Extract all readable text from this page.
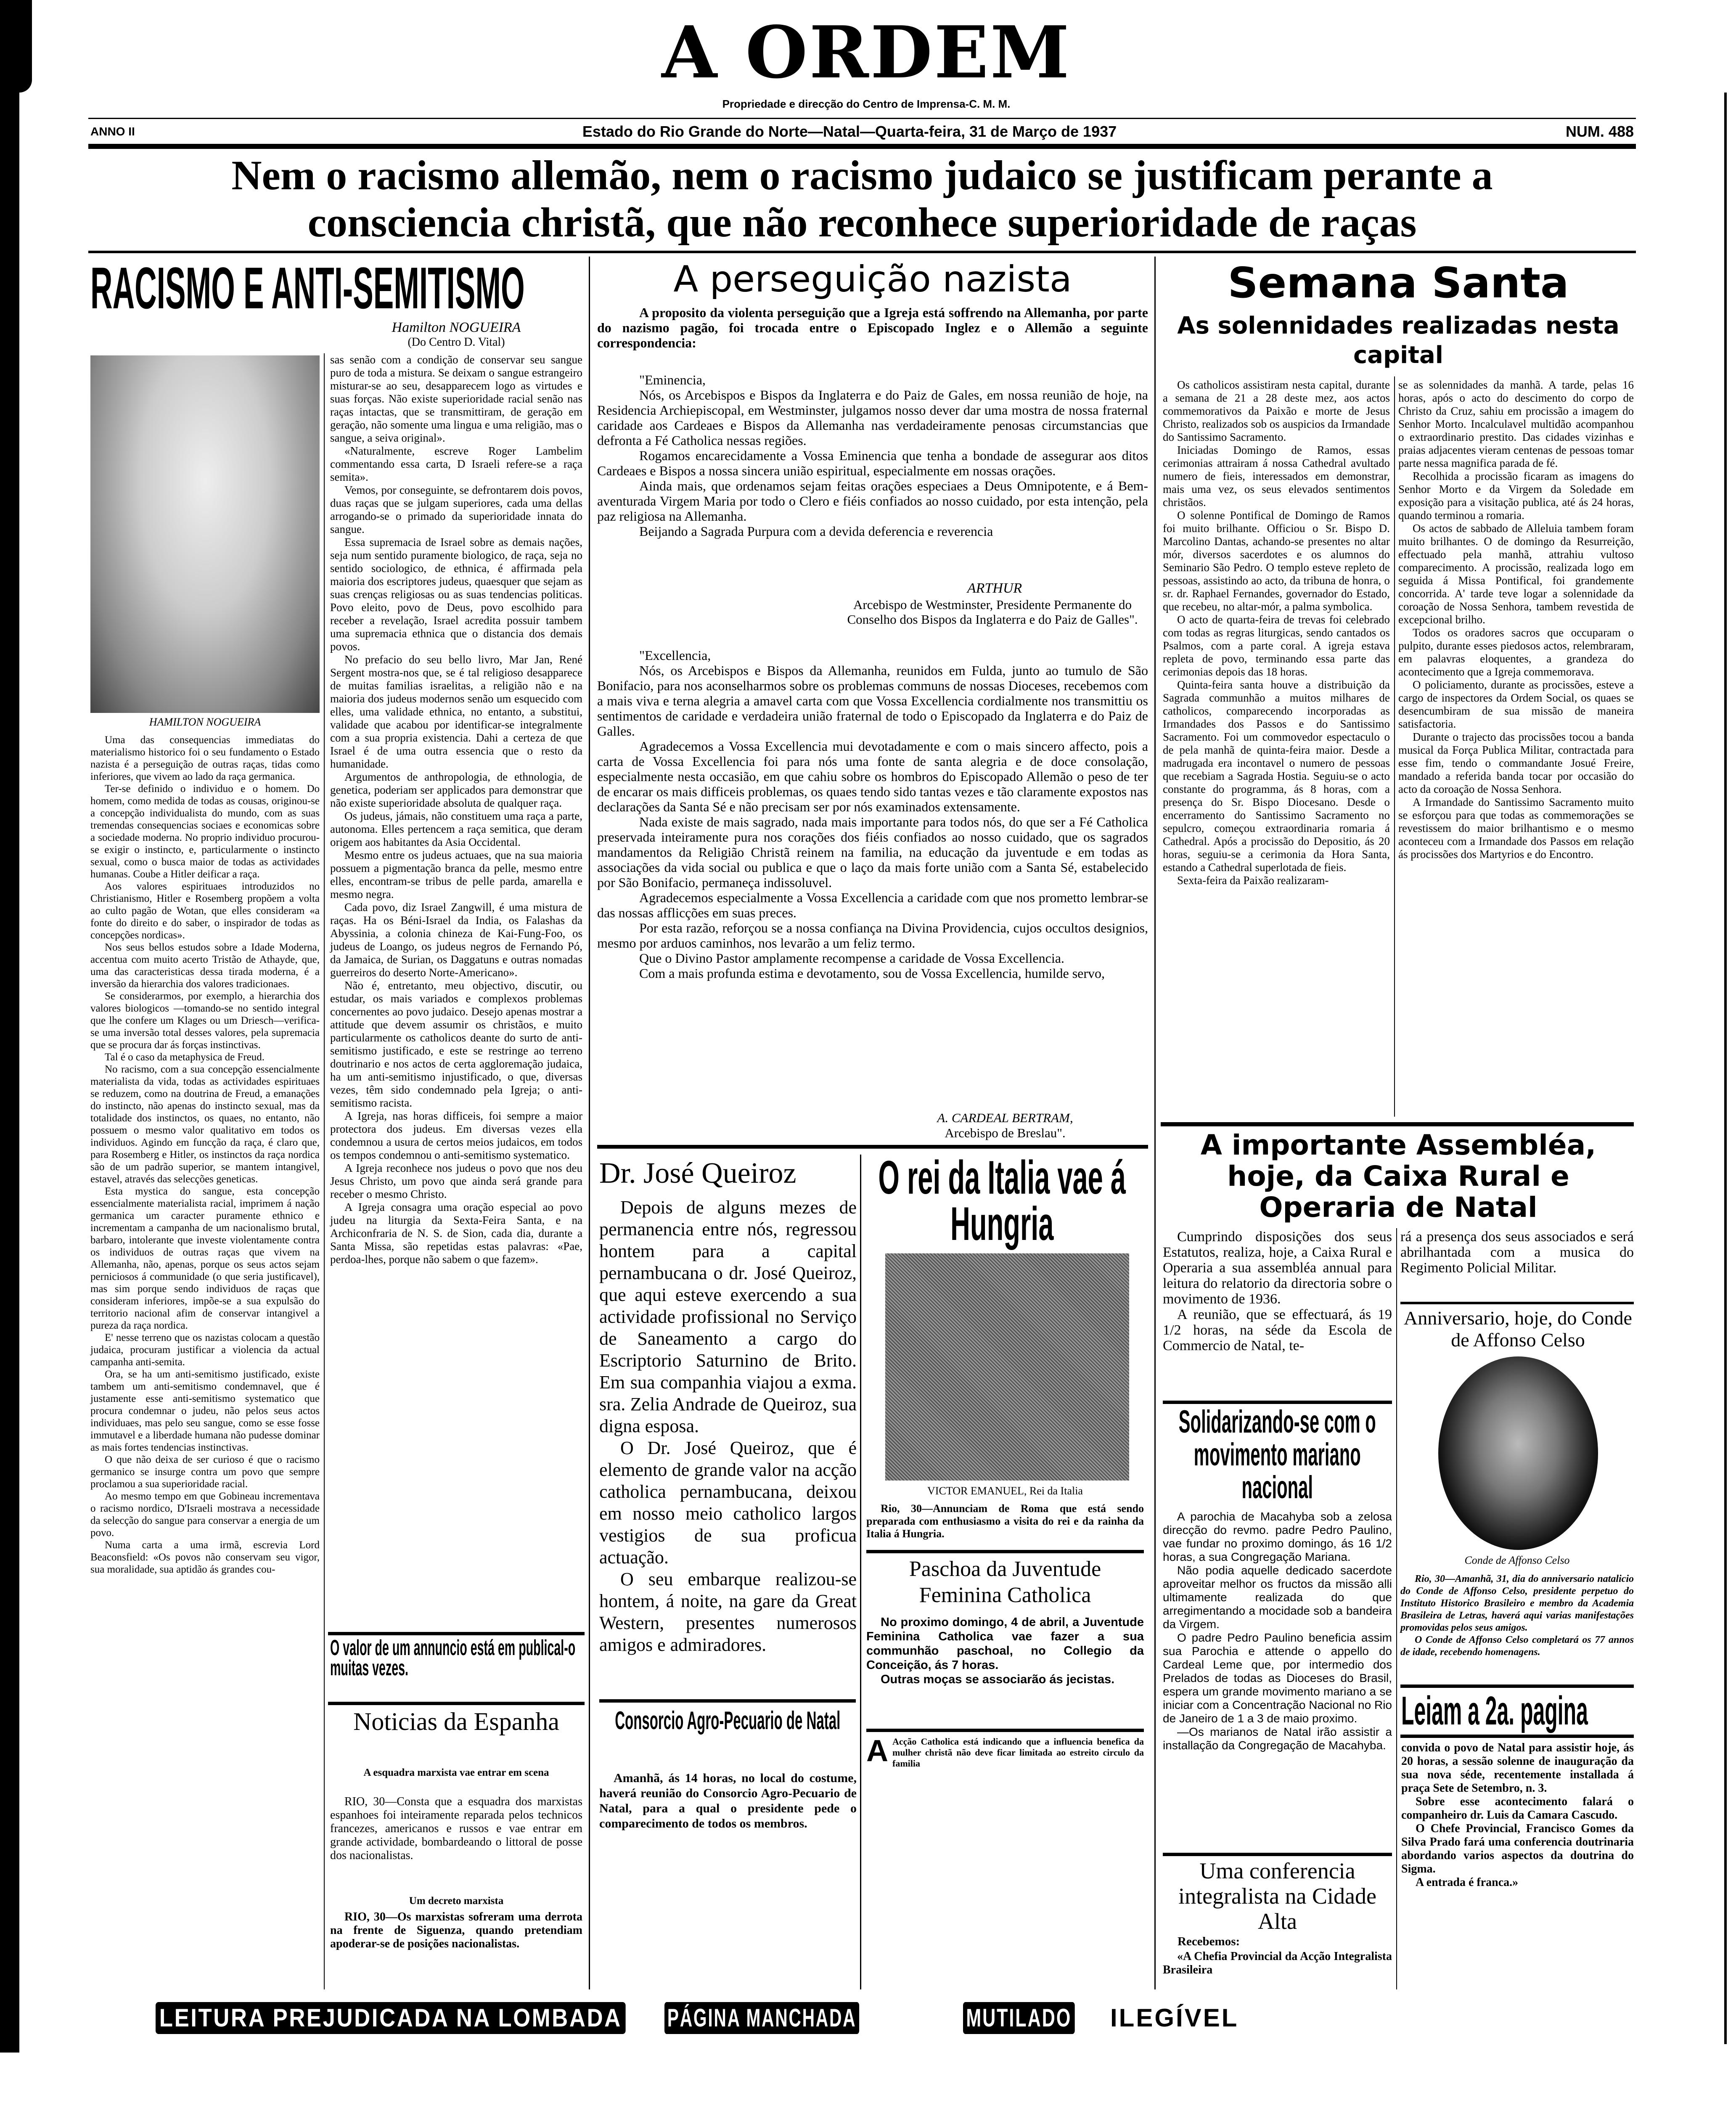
A ORDEM
Propriedade e direcção do Centro de Imprensa-C. M. M.
ANNO II	Estado do Rio Grande do Norte—Natal—Quarta-feira, 31 de Março de 1937	NUM. 488
Nem o racismo allemão, nem o racismo judaico se justificam perante a
consciencia christã, que não reconhece superioridade de raças
RACISMO E ANTI-SEMITISMO
Hamilton NOGUEIRA
(Do Centro D. Vital)
HAMILTON NOGUEIRA

Uma das consequencias immediatas do materialismo historico foi o seu fundamento o Estado nazista é a perseguição de outras raças, tidas como inferiores, que vivem ao lado da raça germanica.

Ter-se definido o individuo e o homem. Do homem, como medida de todas as cousas, originou-se a concepção individualista do mundo, com as suas tremendas consequencias sociaes e economicas sobre a sociedade moderna. No proprio individuo procurou-se exigir o instincto, e, particularmente o instincto sexual, como o busca maior de todas as actividades humanas. Coube a Hitler deificar a raça.

Aos valores espirituaes introduzidos no Christianismo, Hitler e Rosemberg propõem a volta ao culto pagão de Wotan, que elles consideram «a fonte do direito e do saber, o inspirador de todas as concepções nordicas».

Nos seus bellos estudos sobre a Idade Moderna, accentua com muito acerto Tristão de Athayde, que, uma das caracteristicas dessa tirada moderna, é a inversão da hierarchia dos valores tradicionaes.

Se considerarmos, por exemplo, a hierarchia dos valores biologicos —tomando-se no sentido integral que lhe confere um Klages ou um Driesch—verifica-se uma inversão total desses valores, pela supremacia que se procura dar ás forças instinctivas.

Tal é o caso da metaphysica de Freud.

No racismo, com a sua concepção essencialmente materialista da vida, todas as actividades espirituaes se reduzem, como na doutrina de Freud, a emanações do instincto, não apenas do instincto sexual, mas da totalidade dos instinctos, os quaes, no entanto, não possuem o mesmo valor qualitativo em todos os individuos. Agindo em funcção da raça, é claro que, para Rosemberg e Hitler, os instinctos da raça nordica são de um padrão superior, se mantem intangivel, estavel, através das selecções geneticas.

Esta mystica do sangue, esta concepção essencialmente materialista racial, imprimem á nação germanica um caracter puramente ethnico e incrementam a campanha de um nacionalismo brutal, barbaro, intolerante que investe violentamente contra os individuos de outras raças que vivem na Allemanha, não, apenas, porque os seus actos sejam perniciosos á communidade (o que seria justificavel), mas sim porque sendo individuos de raças que consideram inferiores, impõe-se a sua expulsão do territorio nacional afim de conservar intangivel a pureza da raça nordica.

E' nesse terreno que os nazistas colocam a questão judaica, procuram justificar a violencia da actual campanha anti-semita.

Ora, se ha um anti-semitismo justificado, existe tambem um anti-semitismo condemnavel, que é justamente esse anti-semitismo systematico que procura condemnar o judeu, não pelos seus actos individuaes, mas pelo seu sangue, como se esse fosse immutavel e a liberdade humana não pudesse dominar as mais fortes tendencias instinctivas.

O que não deixa de ser curioso é que o racismo germanico se insurge contra um povo que sempre proclamou a sua superioridade racial.

Ao mesmo tempo em que Gobineau incrementava o racismo nordico, D'Israeli mostrava a necessidade da selecção do sangue para conservar a energia de um povo.

Numa carta a uma irmã, escrevia Lord Beaconsfield: «Os povos não conservam seu vigor, sua moralidade, sua aptidão ás grandes cou-

sas senão com a condição de conservar seu sangue puro de toda a mistura. Se deixam o sangue estrangeiro misturar-se ao seu, desapparecem logo as virtudes e suas forças. Não existe superioridade racial senão nas raças intactas, que se transmittiram, de geração em geração, não somente uma lingua e uma religião, mas o sangue, a seiva original».

«Naturalmente, escreve Roger Lambelim commentando essa carta, D Israeli refere-se a raça semita».

Vemos, por conseguinte, se defrontarem dois povos, duas raças que se julgam superiores, cada uma dellas arrogando-se o primado da superioridade innata do sangue.

Essa supremacia de Israel sobre as demais nações, seja num sentido puramente biologico, de raça, seja no sentido sociologico, de ethnica, é affirmada pela maioria dos escriptores judeus, quaesquer que sejam as suas crenças religiosas ou as suas tendencias politicas. Povo eleito, povo de Deus, povo escolhido para receber a revelação, Israel acredita possuir tambem uma supremacia ethnica que o distancia dos demais povos.

No prefacio do seu bello livro, Mar Jan, René Sergent mostra-nos que, se é tal religioso desapparece de muitas familias israelitas, a religião não e na maioria dos judeus modernos senão um esquecido com elles, uma validade ethnica, no entanto, a substitui, validade que acabou por identificar-se integralmente com a sua propria existencia. Dahi a certeza de que Israel é de uma outra essencia que o resto da humanidade.

Argumentos de anthropologia, de ethnologia, de genetica, poderiam ser applicados para demonstrar que não existe superioridade absoluta de qualquer raça.

Os judeus, jámais, não constituem uma raça a parte, autonoma. Elles pertencem a raça semitica, que deram origem aos habitantes da Asia Occidental.

Mesmo entre os judeus actuaes, que na sua maioria possuem a pigmentação branca da pelle, mesmo entre elles, encontram-se tribus de pelle parda, amarella e mesmo negra.

Cada povo, diz Israel Zangwill, é uma mistura de raças. Ha os Béni-Israel da India, os Falashas da Abyssinia, a colonia chineza de Kai-Fung-Foo, os judeus de Loango, os judeus negros de Fernando Pó, da Jamaica, de Surian, os Daggatuns e outras nomadas guerreiros do deserto Norte-Americano».

Não é, entretanto, meu objectivo, discutir, ou estudar, os mais variados e complexos problemas concernentes ao povo judaico. Desejo apenas mostrar a attitude que devem assumir os christãos, e muito particularmente os catholicos deante do surto de anti-semitismo justificado, e este se restringe ao terreno doutrinario e nos actos de certa aggloremação judaica, ha um anti-semitismo injustificado, o que, diversas vezes, têm sido condemnado pela Igreja; o anti-semitismo racista.

A Igreja, nas horas difficeis, foi sempre a maior protectora dos judeus. Em diversas vezes ella condemnou a usura de certos meios judaicos, em todos os tempos condemnou o anti-semitismo systematico.

A Igreja reconhece nos judeus o povo que nos deu Jesus Christo, um povo que ainda será grande para receber o mesmo Christo.

A Igreja consagra uma oração especial ao povo judeu na liturgia da Sexta-Feira Santa, e na Archiconfraria de N. S. de Sion, cada dia, durante a Santa Missa, são repetidas estas palavras: «Pae, perdoa-lhes, porque não sabem o que fazem».

O valor de um annuncio está em publical-o muitas vezes.
Noticias da Espanha
A esquadra marxista vae entrar em scena

RIO, 30—Consta que a esquadra dos marxistas espanhoes foi inteiramente reparada pelos technicos francezes, americanos e russos e vae entrar em grande actividade, bombardeando o littoral de posse dos nacionalistas.

Um decreto marxista

RIO, 30—Os marxistas sofreram uma derrota na frente de Siguenza, quando pretendiam apoderar-se de posições nacionalistas.

A perseguição nazista

A proposito da violenta perseguição que a Igreja está soffrendo na Allemanha, por parte do nazismo pagão, foi trocada entre o Episcopado Inglez e o Allemão a seguinte correspondencia:

"Eminencia,

Nós, os Arcebispos e Bispos da Inglaterra e do Paiz de Gales, em nossa reunião de hoje, na Residencia Archiepiscopal, em Westminster, julgamos nosso dever dar uma mostra de nossa fraternal caridade aos Cardeaes e Bispos da Allemanha nas verdadeiramente penosas circumstancias que defronta a Fé Catholica nessas regiões.

Rogamos encarecidamente a Vossa Eminencia que tenha a bondade de assegurar aos ditos Cardeaes e Bispos a nossa sincera união espiritual, especialmente em nossas orações.

Ainda mais, que ordenamos sejam feitas orações especiaes a Deus Omnipotente, e á Bem-aventurada Virgem Maria por todo o Clero e fiéis confiados ao nosso cuidado, por esta intenção, pela paz religiosa na Allemanha.

Beijando a Sagrada Purpura com a devida deferencia e reverencia

ARTHUR
Arcebispo de Westminster, Presidente Permanente do Conselho dos Bispos da Inglaterra e do Paiz de Galles".

"Excellencia,

Nós, os Arcebispos e Bispos da Allemanha, reunidos em Fulda, junto ao tumulo de São Bonifacio, para nos aconselharmos sobre os problemas communs de nossas Dioceses, recebemos com a mais viva e terna alegria a amavel carta com que Vossa Excellencia cordialmente nos transmittiu os sentimentos de caridade e verdadeira união fraternal de todo o Episcopado da Inglaterra e do Paiz de Galles.

Agradecemos a Vossa Excellencia mui devotadamente e com o mais sincero affecto, pois a carta de Vossa Excellencia foi para nós uma fonte de santa alegria e de doce consolação, especialmente nesta occasião, em que cahiu sobre os hombros do Episcopado Allemão o peso de ter de encarar os mais difficeis problemas, os quaes tendo sido tantas vezes e tão claramente expostos nas declarações da Santa Sé e não precisam ser por nós examinados extensamente.

Nada existe de mais sagrado, nada mais importante para todos nós, do que ser a Fé Catholica preservada inteiramente pura nos corações dos fiéis confiados ao nosso cuidado, que os sagrados mandamentos da Religião Christã reinem na familia, na educação da juventude e em todas as associações da vida social ou publica e que o laço da mais forte união com a Santa Sé, estabelecido por São Bonifacio, permaneça indissoluvel.

Agradecemos especialmente a Vossa Excellencia a caridade com que nos prometto lembrar-se das nossas afflicções em suas preces.

Por esta razão, reforçou se a nossa confiança na Divina Providencia, cujos occultos designios, mesmo por arduos caminhos, nos levarão a um feliz termo.

Que o Divino Pastor amplamente recompense a caridade de Vossa Excellencia.

Com a mais profunda estima e devotamento, sou de Vossa Excellencia, humilde servo,

A. CARDEAL BERTRAM,
Arcebispo de Breslau".
Dr. José Queiroz

Depois de alguns mezes de permanencia entre nós, regressou hontem para a capital pernambucana o dr. José Queiroz, que aqui esteve exercendo a sua actividade profissional no Serviço de Saneamento a cargo do Escriptorio Saturnino de Brito. Em sua companhia viajou a exma. sra. Zelia Andrade de Queiroz, sua digna esposa.

O Dr. José Queiroz, que é elemento de grande valor na acção catholica pernambucana, deixou em nosso meio catholico largos vestigios de sua proficua actuação.

O seu embarque realizou-se hontem, á noite, na gare da Great Western, presentes numerosos amigos e admiradores.

Consorcio Agro-Pecuario de Natal

Amanhã, ás 14 horas, no local do costume, haverá reunião do Consorcio Agro-Pecuario de Natal, para a qual o presidente pede o comparecimento de todos os membros.

O rei da Italia vae á Hungria
VICTOR EMANUEL, Rei da Italia

Rio, 30—Annunciam de Roma que está sendo preparada com enthusiasmo a visita do rei e da rainha da Italia á Hungria.

Paschoa da Juventude Feminina Catholica

No proximo domingo, 4 de abril, a Juventude Feminina Catholica vae fazer a sua communhão paschoal, no Collegio da Conceição, ás 7 horas.

Outras moças se associarão ás jecistas.

A Acção Catholica está indicando que a influencia benefica da mulher christã não deve ficar limitada ao estreito circulo da familia
Semana Santa
As solennidades realizadas nesta capital

Os catholicos assistiram nesta capital, durante a semana de 21 a 28 deste mez, aos actos commemorativos da Paixão e morte de Jesus Christo, realizados sob os auspicios da Irmandade do Santissimo Sacramento.

Iniciadas Domingo de Ramos, essas cerimonias attrairam á nossa Cathedral avultado numero de fieis, interessados em demonstrar, mais uma vez, os seus elevados sentimentos christãos.

O solenne Pontifical de Domingo de Ramos foi muito brilhante. Officiou o Sr. Bispo D. Marcolino Dantas, achando-se presentes no altar mór, diversos sacerdotes e os alumnos do Seminario São Pedro. O templo esteve repleto de pessoas, assistindo ao acto, da tribuna de honra, o sr. dr. Raphael Fernandes, governador do Estado, que recebeu, no altar-mór, a palma symbolica.

O acto de quarta-feira de trevas foi celebrado com todas as regras liturgicas, sendo cantados os Psalmos, com a parte coral. A igreja estava repleta de povo, terminando essa parte das cerimonias depois das 18 horas.

Quinta-feira santa houve a distribuição da Sagrada communhão a muitos milhares de catholicos, comparecendo incorporadas as Irmandades dos Passos e do Santissimo Sacramento. Foi um commovedor espectaculo o de pela manhã de quinta-feira maior. Desde a madrugada era incontavel o numero de pessoas que recebiam a Sagrada Hostia. Seguiu-se o acto constante do programma, ás 8 horas, com a presença do Sr. Bispo Diocesano. Desde o encerramento do Santissimo Sacramento no sepulcro, começou extraordinaria romaria á Cathedral. Após a procissão do Depositio, ás 20 horas, seguiu-se a cerimonia da Hora Santa, estando a Cathedral superlotada de fieis.

Sexta-feira da Paixão realizaram-

se as solennidades da manhã. A tarde, pelas 16 horas, após o acto do descimento do corpo de Christo da Cruz, sahiu em procissão a imagem do Senhor Morto. Incalculavel multidão acompanhou o extraordinario prestito. Das cidades vizinhas e praias adjacentes vieram centenas de pessoas tomar parte nessa magnifica parada de fé.

Recolhida a procissão ficaram as imagens do Senhor Morto e da Virgem da Soledade em exposição para a visitação publica, até ás 24 horas, quando terminou a romaria.

Os actos de sabbado de Alleluia tambem foram muito brilhantes. O de domingo da Resurreição, effectuado pela manhã, attrahiu vultoso comparecimento. A procissão, realizada logo em seguida á Missa Pontifical, foi grandemente concorrida. A' tarde teve logar a solennidade da coroação de Nossa Senhora, tambem revestida de excepcional brilho.

Todos os oradores sacros que occuparam o pulpito, durante esses piedosos actos, relembraram, em palavras eloquentes, a grandeza do acontecimento que a Igreja commemorava.

O policiamento, durante as procissões, esteve a cargo de inspectores da Ordem Social, os quaes se desencumbiram de sua missão de maneira satisfactoria.

Durante o trajecto das procissões tocou a banda musical da Força Publica Militar, contractada para esse fim, tendo o commandante Josué Freire, mandado a referida banda tocar por occasião do acto da coroação de Nossa Senhora.

A Irmandade do Santissimo Sacramento muito se esforçou para que todas as commemorações se revestissem do maior brilhantismo e o mesmo aconteceu com a Irmandade dos Passos em relação ás procissões dos Martyrios e do Encontro.

A importante Assembléa, hoje, da Caixa Rural e Operaria de Natal

Cumprindo disposições dos seus Estatutos, realiza, hoje, a Caixa Rural e Operaria a sua assembléa annual para leitura do relatorio da directoria sobre o movimento de 1936.

A reunião, que se effectuará, ás 19 1/2 horas, na séde da Escola de Commercio de Natal, te-

rá a presença dos seus associados e será abrilhantada com a musica do Regimento Policial Militar.

Solidarizando-se com o movimento mariano nacional

A parochia de Macahyba sob a zelosa direcção do revmo. padre Pedro Paulino, vae fundar no proximo domingo, ás 16 1/2 horas, a sua Congregação Mariana.

Não podia aquelle dedicado sacerdote aproveitar melhor os fructos da missão alli ultimamente realizada do que arregimentando a mocidade sob a bandeira da Virgem.

O padre Pedro Paulino beneficia assim sua Parochia e attende o appello do Cardeal Leme que, por intermedio dos Prelados de todas as Dioceses do Brasil, espera um grande movimento mariano a se iniciar com a Concentração Nacional no Rio de Janeiro de 1 a 3 de maio proximo.

—Os marianos de Natal irão assistir a installação da Congregação de Macahyba.

Uma conferencia integralista na Cidade Alta
Recebemos:

«A Chefia Provincial da Acção Integralista Brasileira

Anniversario, hoje, do Conde de Affonso Celso
Conde de Affonso Celso

Rio, 30—Amanhã, 31, dia do anniversario natalicio do Conde de Affonso Celso, presidente perpetuo do Instituto Historico Brasileiro e membro da Academia Brasileira de Letras, haverá aqui varias manifestações promovidas pelos seus amigos.

O Conde de Affonso Celso completará os 77 annos de idade, recebendo homenagens.

Leiam a 2a. pagina

convida o povo de Natal para assistir hoje, ás 20 horas, a sessão solenne de inauguração da sua nova séde, recentemente installada á praça Sete de Setembro, n. 3.

Sobre esse acontecimento falará o companheiro dr. Luis da Camara Cascudo.

O Chefe Provincial, Francisco Gomes da Silva Prado fará uma conferencia doutrinaria abordando varios aspectos da doutrina do Sigma.

A entrada é franca.»

LEITURA PREJUDICADA NA LOMBADA PÁGINA MANCHADA	MUTILADO ILEGÍVEL
